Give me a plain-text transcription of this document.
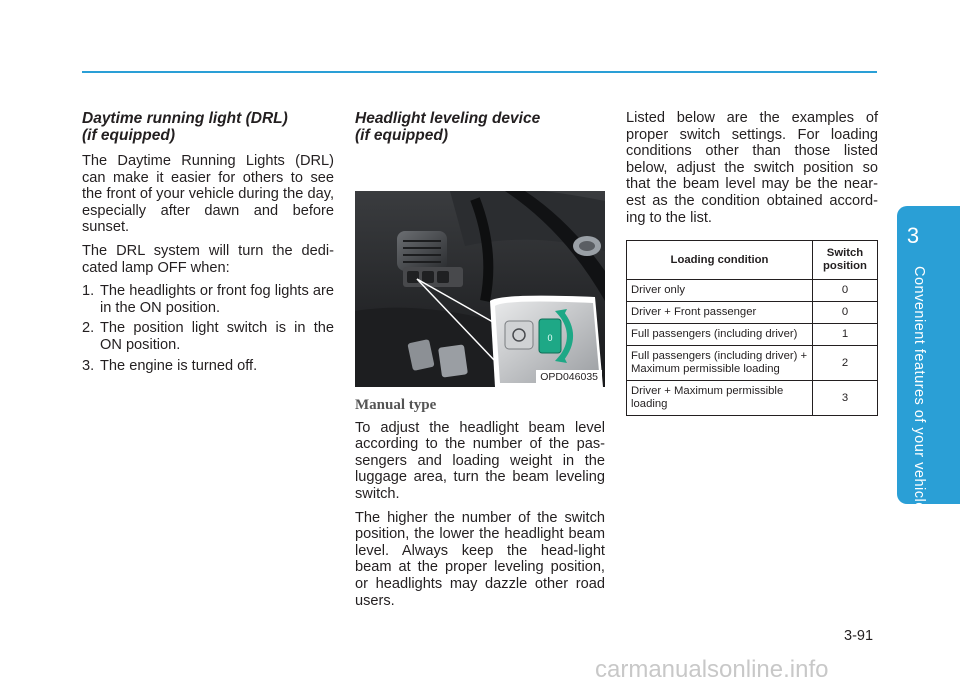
Daytime running light (DRL)
(if equipped)

The Daytime Running Lights (DRL) can make it easier for others to see the front of your vehicle during the day, especially after dawn and before sunset.

The DRL system will turn the dedi-cated lamp OFF when:

1. The headlights or front fog lights are in the ON position.
2. The position light switch is in the ON position.
3. The engine is turned off.
Headlight leveling device
(if equipped)
0
OPD046035
Manual type

To adjust the headlight beam level according to the number of the pas-sengers and loading weight in the luggage area, turn the beam leveling switch.

The higher the number of the switch position, the lower the headlight beam level. Always keep the head-light beam at the proper leveling position, or headlights may dazzle other road users.

Listed below are the examples of proper switch settings. For loading conditions other than those listed below, adjust the switch position so that the beam level may be the near-est as the condition obtained accord-ing to the list.

Loading condition	Switch position
Driver only	0
Driver + Front passenger	0
Full passengers (including driver)	1
Full passengers (including driver) + Maximum permissible loading	2
Driver + Maximum permissible loading	3
3
Convenient features of your vehicle
3-91
carmanualsonline.info
